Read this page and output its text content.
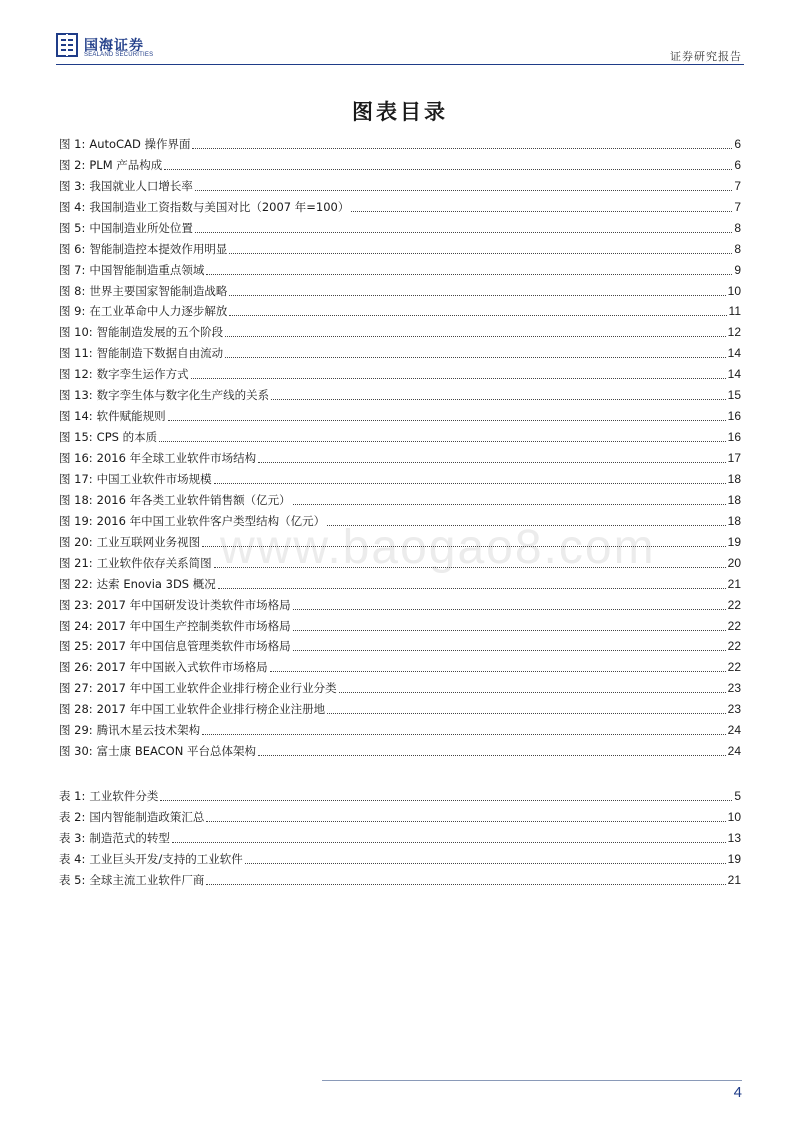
国海证券
SEALAND SECURITIES	证券研究报告
图表目录
www.baogao8.com
图 1: AutoCAD 操作界面	6
图 2: PLM 产品构成	6
图 3: 我国就业人口增长率	7
图 4: 我国制造业工资指数与美国对比（2007 年=100）	7
图 5: 中国制造业所处位置	8
图 6: 智能制造控本提效作用明显	8
图 7: 中国智能制造重点领域	9
图 8: 世界主要国家智能制造战略	10
图 9: 在工业革命中人力逐步解放	11
图 10: 智能制造发展的五个阶段	12
图 11: 智能制造下数据自由流动	14
图 12: 数字孪生运作方式	14
图 13: 数字孪生体与数字化生产线的关系	15
图 14: 软件赋能规则	16
图 15: CPS 的本质	16
图 16: 2016 年全球工业软件市场结构	17
图 17: 中国工业软件市场规模	18
图 18: 2016 年各类工业软件销售额（亿元）	18
图 19: 2016 年中国工业软件客户类型结构（亿元）	18
图 20: 工业互联网业务视图	19
图 21: 工业软件依存关系简图	20
图 22: 达索 Enovia 3DS 概况	21
图 23: 2017 年中国研发设计类软件市场格局	22
图 24: 2017 年中国生产控制类软件市场格局	22
图 25: 2017 年中国信息管理类软件市场格局	22
图 26: 2017 年中国嵌入式软件市场格局	22
图 27: 2017 年中国工业软件企业排行榜企业行业分类	23
图 28: 2017 年中国工业软件企业排行榜企业注册地	23
图 29: 腾讯木星云技术架构	24
图 30: 富士康 BEACON 平台总体架构	24
表 1: 工业软件分类	5
表 2: 国内智能制造政策汇总	10
表 3: 制造范式的转型	13
表 4: 工业巨头开发/支持的工业软件	19
表 5: 全球主流工业软件厂商	21
4
